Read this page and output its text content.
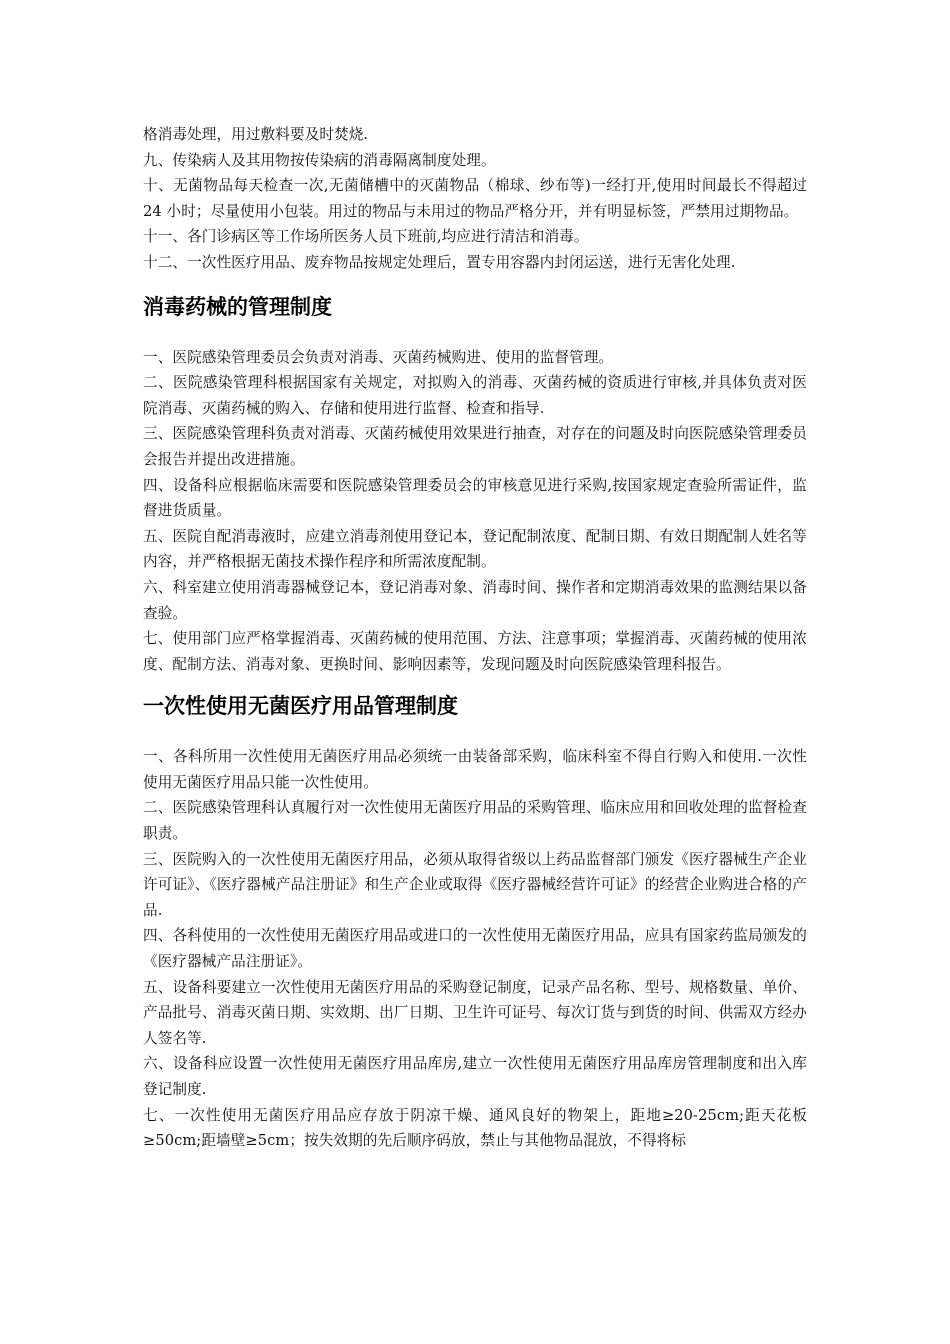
格消毒处理，用过敷料要及时焚烧.

九、传染病人及其用物按传染病的消毒隔离制度处理。

十、无菌物品每天检查一次,无菌储槽中的灭菌物品（棉球、纱布等)一经打开,使用时间最长不得超过 24 小时；尽量使用小包装。用过的物品与未用过的物品严格分开，并有明显标签，严禁用过期物品。

十一、各门诊病区等工作场所医务人员下班前,均应进行清洁和消毒。

十二、一次性医疗用品、废弃物品按规定处理后，置专用容器内封闭运送，进行无害化处理.

消毒药械的管理制度

一、医院感染管理委员会负责对消毒、灭菌药械购进、使用的监督管理。

二、医院感染管理科根据国家有关规定，对拟购入的消毒、灭菌药械的资质进行审核,并具体负责对医院消毒、灭菌药械的购入、存储和使用进行监督、检查和指导.

三、医院感染管理科负责对消毒、灭菌药械使用效果进行抽查，对存在的问题及时向医院感染管理委员会报告并提出改进措施。

四、设备科应根据临床需要和医院感染管理委员会的审核意见进行采购,按国家规定查验所需证件，监督进货质量。

五、医院自配消毒液时，应建立消毒剂使用登记本，登记配制浓度、配制日期、有效日期配制人姓名等内容，并严格根据无菌技术操作程序和所需浓度配制。

六、科室建立使用消毒器械登记本，登记消毒对象、消毒时间、操作者和定期消毒效果的监测结果以备查验。

七、使用部门应严格掌握消毒、灭菌药械的使用范围、方法、注意事项；掌握消毒、灭菌药械的使用浓度、配制方法、消毒对象、更换时间、影响因素等，发现问题及时向医院感染管理科报告。

一次性使用无菌医疗用品管理制度

一、各科所用一次性使用无菌医疗用品必须统一由装备部采购，临床科室不得自行购入和使用.一次性使用无菌医疗用品只能一次性使用。

二、医院感染管理科认真履行对一次性使用无菌医疗用品的采购管理、临床应用和回收处理的监督检查职责。

三、医院购入的一次性使用无菌医疗用品，必须从取得省级以上药品监督部门颁发《医疗器械生产企业许可证》、《医疗器械产品注册证》和生产企业或取得《医疗器械经营许可证》的经营企业购进合格的产品.

四、各科使用的一次性使用无菌医疗用品或进口的一次性使用无菌医疗用品，应具有国家药监局颁发的《医疗器械产品注册证》。

五、设备科要建立一次性使用无菌医疗用品的采购登记制度，记录产品名称、型号、规格数量、单价、产品批号、消毒灭菌日期、实效期、出厂日期、卫生许可证号、每次订货与到货的时间、供需双方经办人签名等.

六、设备科应设置一次性使用无菌医疗用品库房,建立一次性使用无菌医疗用品库房管理制度和出入库登记制度.

七、一次性使用无菌医疗用品应存放于阴凉干燥、通风良好的物架上，距地≥20-25cm;距天花板≥50cm;距墙壁≥5cm；按失效期的先后顺序码放，禁止与其他物品混放，不得将标
